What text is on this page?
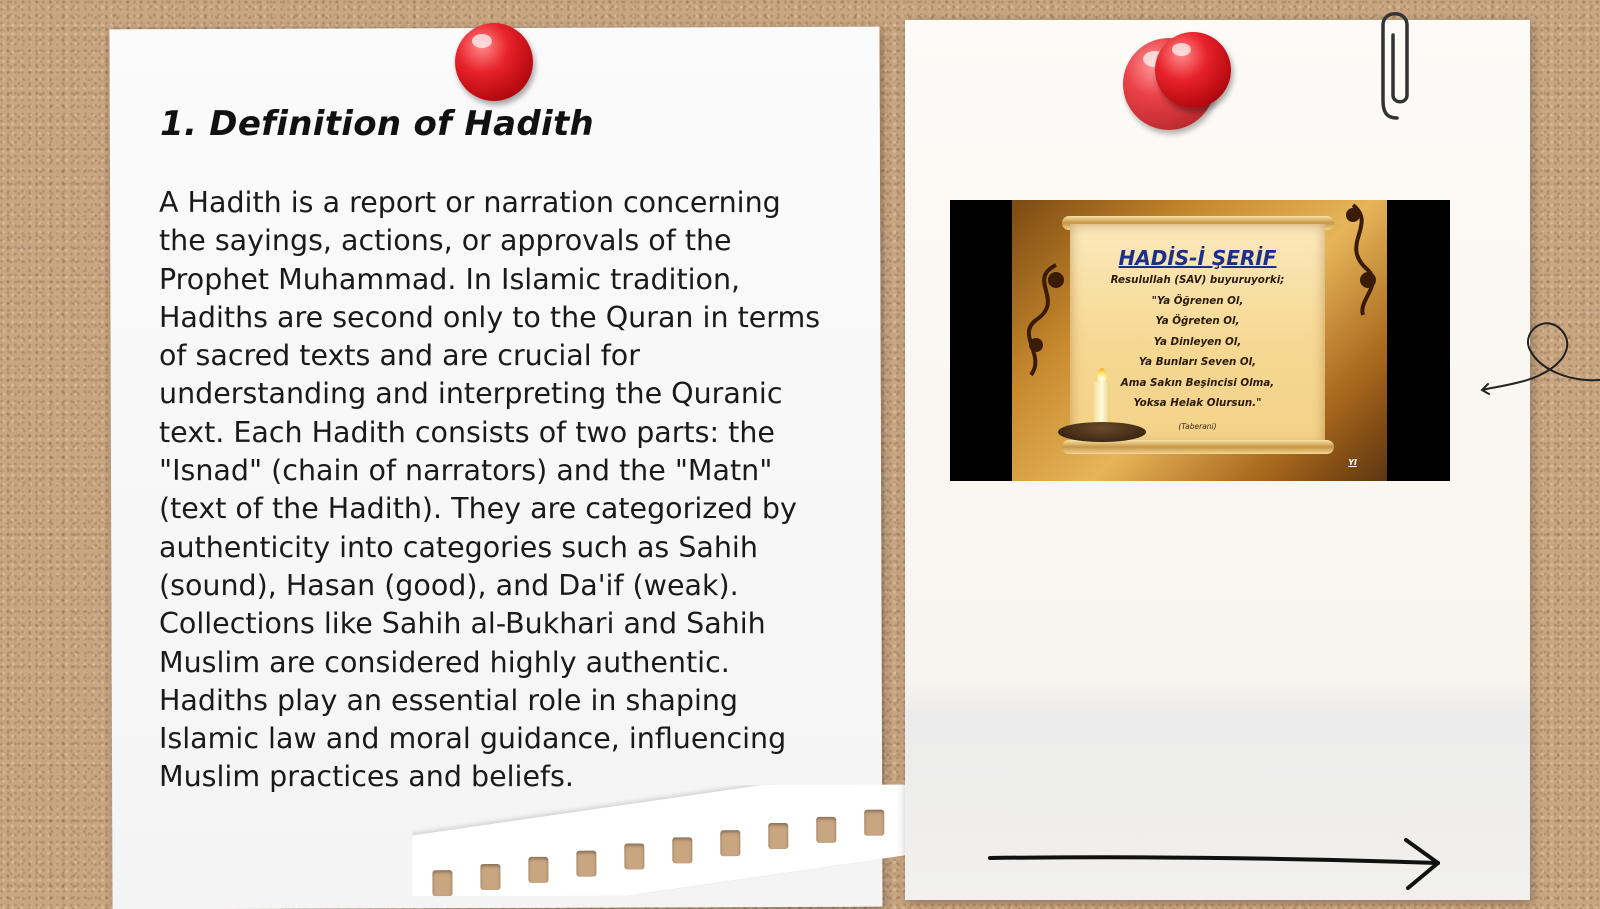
1. Definition of Hadith

A Hadith is a report or narration concerning the sayings, actions, or approvals of the Prophet Muhammad. In Islamic tradition, Hadiths are second only to the Quran in terms of sacred texts and are crucial for understanding and interpreting the Quranic text. Each Hadith consists of two parts: the "Isnad" (chain of narrators) and the "Matn" (text of the Hadith). They are categorized by authenticity into categories such as Sahih (sound), Hasan (good), and Da'if (weak). Collections like Sahih al-Bukhari and Sahih Muslim are considered highly authentic. Hadiths play an essential role in shaping Islamic law and moral guidance, influencing Muslim practices and beliefs.

HADİS-İ ŞERİF
Resulullah (SAV) buyuruyorki;
"Ya Öğrenen Ol,
Ya Öğreten Ol,
Ya Dinleyen Ol,
Ya Bunları Seven Ol,
Ama Sakın Beşincisi Olma,
Yoksa Helak Olursun."
(Taberani)
YI
